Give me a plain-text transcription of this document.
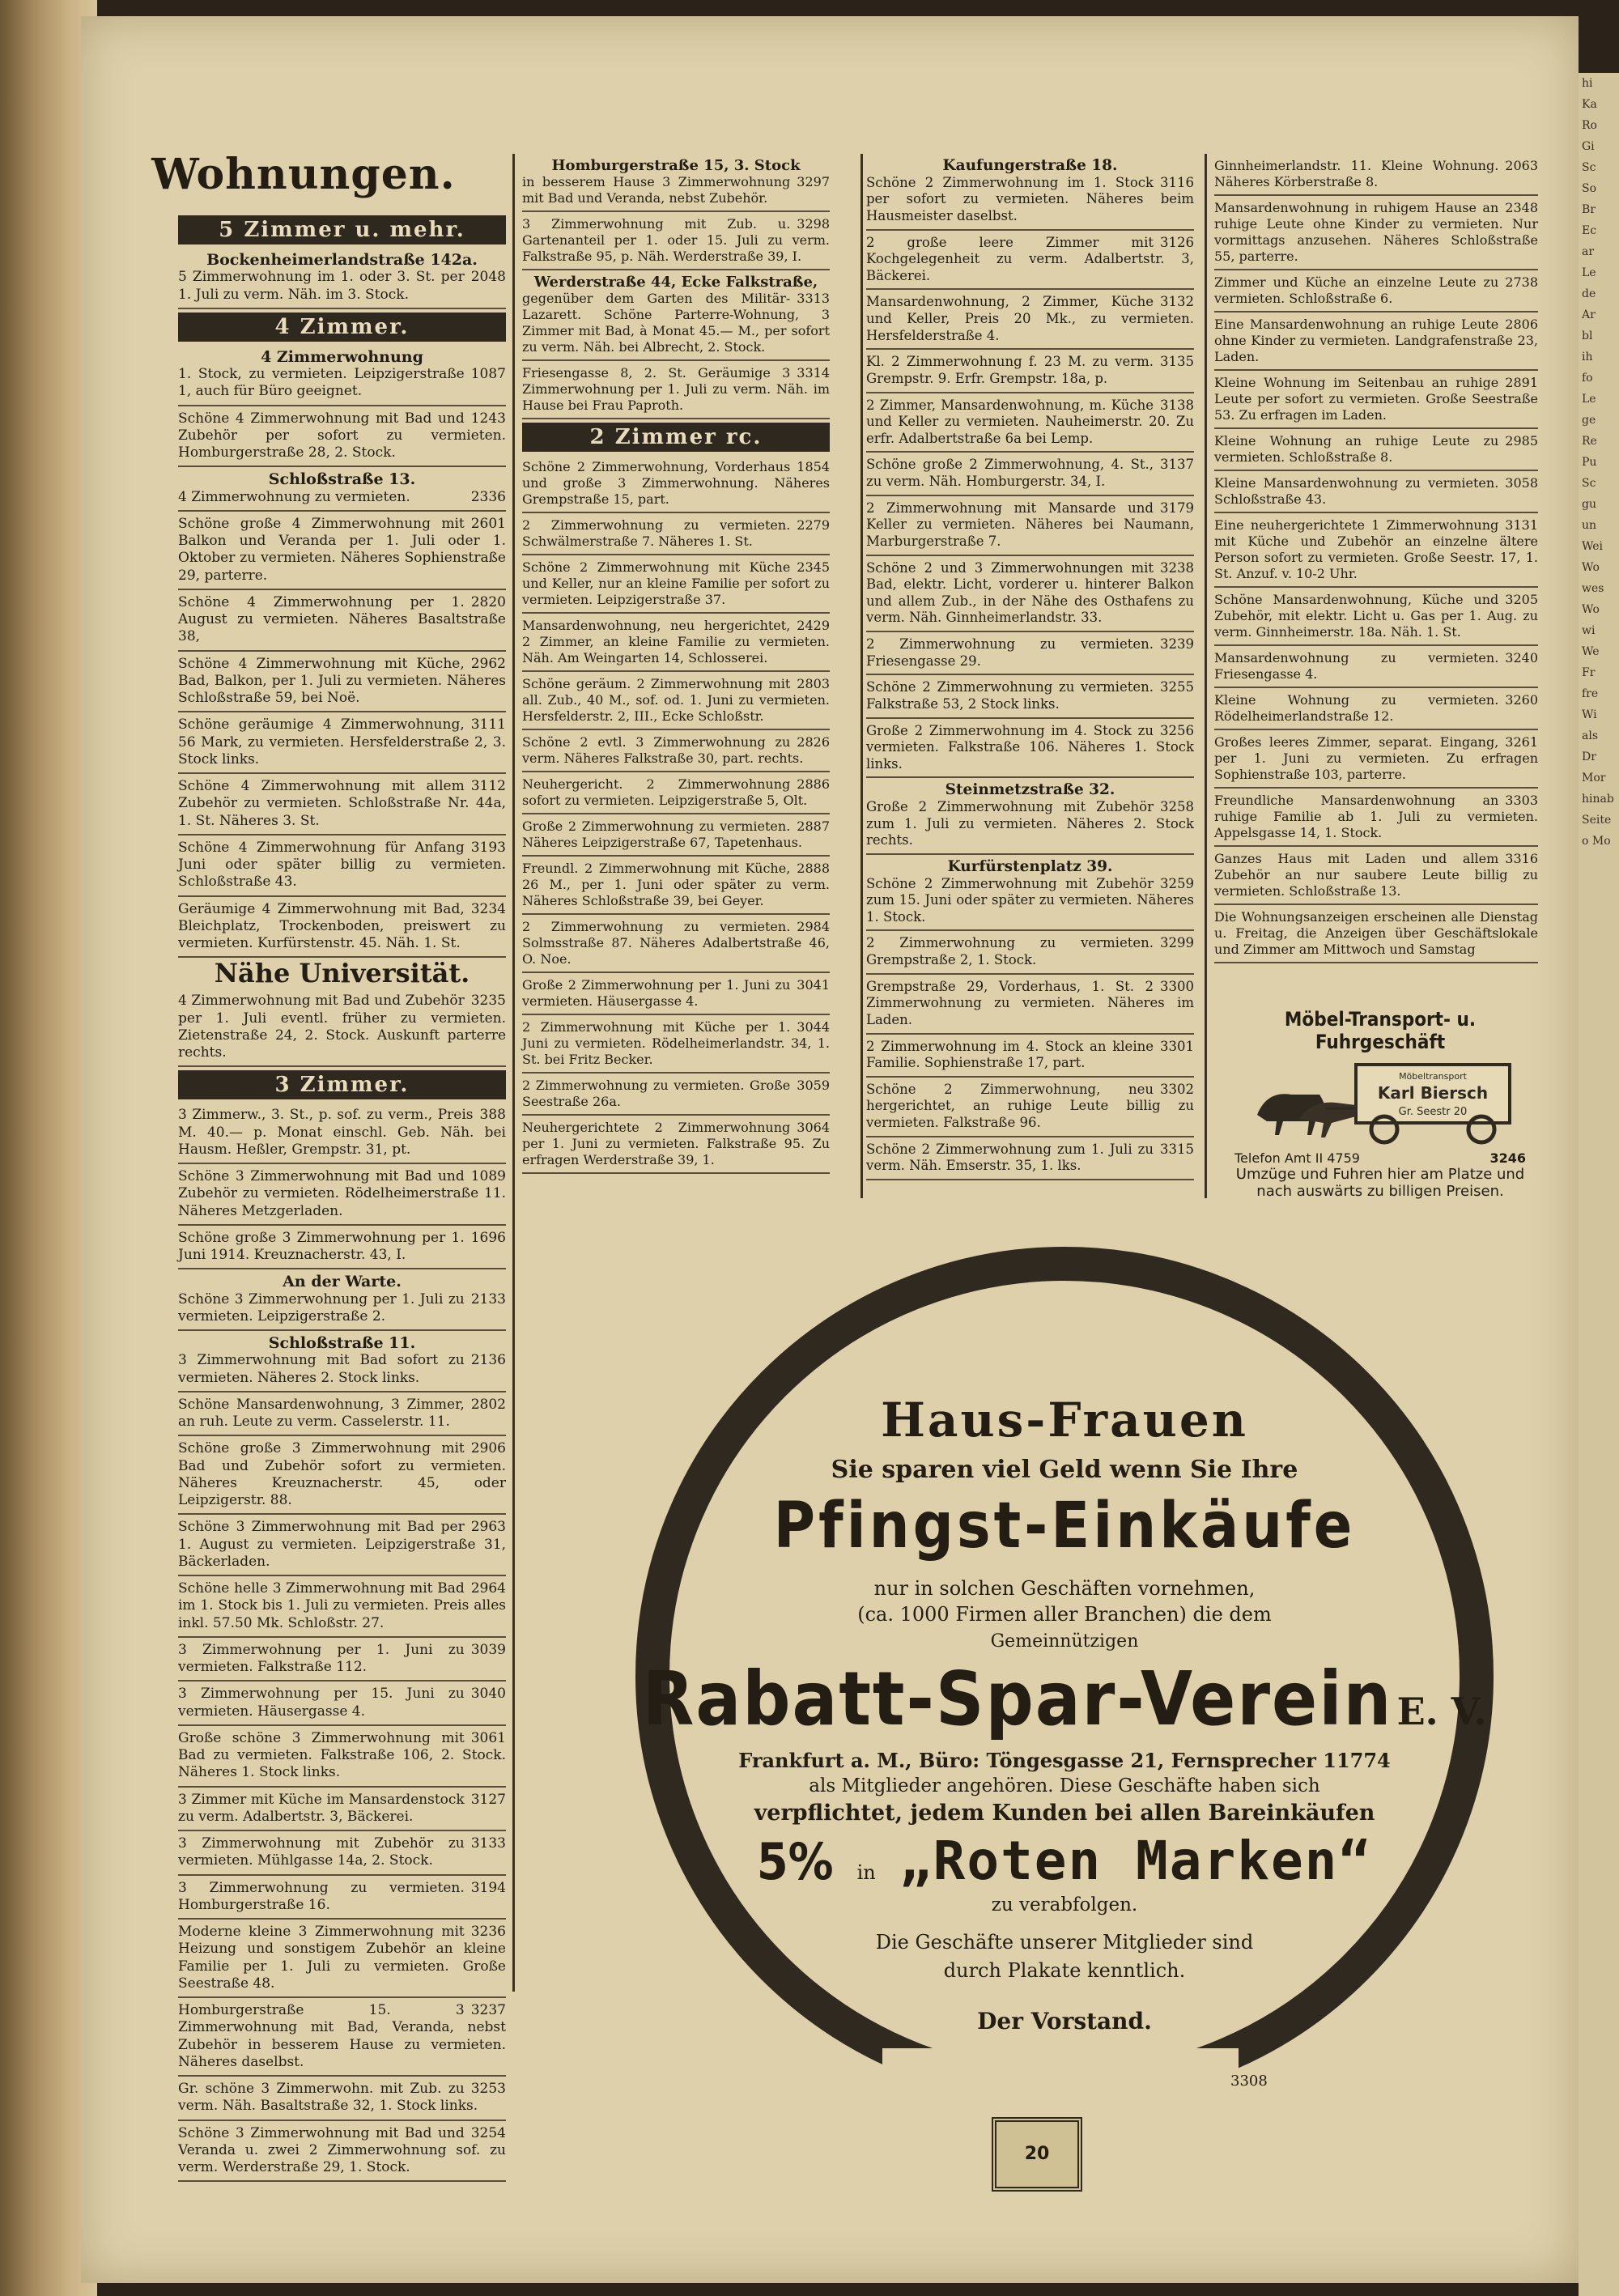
hi
Ka
Ro
Gi
Sc
So
Br
Ec
ar
Le
de
Ar
bl
ih
fo
Le
ge
Re
Pu
Sc
gu
un
Wei
Wo
wes
Wo
wi
We
Fr
fre
Wi
als
Dr
Mor
hinab
Seite
o Mo
Wohnungen.
5 Zimmer u. mehr.
Bockenheimerlandstraße 142a.
2048
5 Zimmerwohnung im 1. oder 3. St. per 1. Juli zu verm. Näh. im 3. Stock.
4 Zimmer.
4 Zimmerwohnung
1087
1. Stock, zu vermieten. Leipzigerstraße 1, auch für Büro geeignet.
1243
Schöne 4 Zimmerwohnung mit Bad und Zubehör per sofort zu vermieten. Homburgerstraße 28, 2. Stock.
Schloßstraße 13.
2336
4 Zimmerwohnung zu vermieten.
2601
Schöne große 4 Zimmerwohnung mit Balkon und Veranda per 1. Juli oder 1. Oktober zu vermieten. Näheres Sophienstraße 29, parterre.
2820
Schöne 4 Zimmerwohnung per 1. August zu vermieten. Näheres Basaltstraße 38,
2962
Schöne 4 Zimmerwohnung mit Küche, Bad, Balkon, per 1. Juli zu vermieten. Näheres Schloßstraße 59, bei Noë.
3111
Schöne geräumige 4 Zimmerwohnung, 56 Mark, zu vermieten. Hersfelderstraße 2, 3. Stock links.
3112
Schöne 4 Zimmerwohnung mit allem Zubehör zu vermieten. Schloßstraße Nr. 44a, 1. St. Näheres 3. St.
3193
Schöne 4 Zimmerwohnung für Anfang Juni oder später billig zu vermieten. Schloßstraße 43.
3234
Geräumige 4 Zimmerwohnung mit Bad, Bleichplatz, Trockenboden, preiswert zu vermieten. Kurfürstenstr. 45. Näh. 1. St.
Nähe Universität.
3235
4 Zimmerwohnung mit Bad und Zubehör per 1. Juli eventl. früher zu vermieten. Zietenstraße 24, 2. Stock. Auskunft parterre rechts.
3 Zimmer.
388
3 Zimmerw., 3. St., p. sof. zu verm., Preis M. 40.— p. Monat einschl. Geb. Näh. bei Hausm. Heßler, Grempstr. 31, pt.
1089
Schöne 3 Zimmerwohnung mit Bad und Zubehör zu vermieten. Rödelheimerstraße 11. Näheres Metzgerladen.
1696
Schöne große 3 Zimmerwohnung per 1. Juni 1914. Kreuznacherstr. 43, I.
An der Warte.
2133
Schöne 3 Zimmerwohnung per 1. Juli zu vermieten. Leipzigerstraße 2.
Schloßstraße 11.
2136
3 Zimmerwohnung mit Bad sofort zu vermieten. Näheres 2. Stock links.
2802
Schöne Mansardenwohnung, 3 Zimmer, an ruh. Leute zu verm. Casselerstr. 11.
2906
Schöne große 3 Zimmerwohnung mit Bad und Zubehör sofort zu vermieten. Näheres Kreuznacherstr. 45, oder Leipzigerstr. 88.
2963
Schöne 3 Zimmerwohnung mit Bad per 1. August zu vermieten. Leipzigerstraße 31, Bäckerladen.
2964
Schöne helle 3 Zimmerwohnung mit Bad im 1. Stock bis 1. Juli zu vermieten. Preis alles inkl. 57.50 Mk. Schloßstr. 27.
3039
3 Zimmerwohnung per 1. Juni zu vermieten. Falkstraße 112.
3040
3 Zimmerwohnung per 15. Juni zu vermieten. Häusergasse 4.
3061
Große schöne 3 Zimmerwohnung mit Bad zu vermieten. Falkstraße 106, 2. Stock. Näheres 1. Stock links.
3127
3 Zimmer mit Küche im Mansardenstock zu verm. Adalbertstr. 3, Bäckerei.
3133
3 Zimmerwohnung mit Zubehör zu vermieten. Mühlgasse 14a, 2. Stock.
3194
3 Zimmerwohnung zu vermieten. Homburgerstraße 16.
3236
Moderne kleine 3 Zimmerwohnung mit Heizung und sonstigem Zubehör an kleine Familie per 1. Juli zu vermieten. Große Seestraße 48.
3237
Homburgerstraße 15. 3 Zimmerwohnung mit Bad, Veranda, nebst Zubehör in besserem Hause zu vermieten. Näheres daselbst.
3253
Gr. schöne 3 Zimmerwohn. mit Zub. zu verm. Näh. Basaltstraße 32, 1. Stock links.
3254
Schöne 3 Zimmerwohnung mit Bad und Veranda u. zwei 2 Zimmerwohnung sof. zu verm. Werderstraße 29, 1. Stock.
Homburgerstraße 15, 3. Stock
3297
in besserem Hause 3 Zimmerwohnung mit Bad und Veranda, nebst Zubehör.
3298
3 Zimmerwohnung mit Zub. u. Gartenanteil per 1. oder 15. Juli zu verm. Falkstraße 95, p. Näh. Werderstraße 39, I.
Werderstraße 44, Ecke Falkstraße,
3313
gegenüber dem Garten des Militär-Lazarett. Schöne Parterre-Wohnung, 3 Zimmer mit Bad, à Monat 45.— M., per sofort zu verm. Näh. bei Albrecht, 2. Stock.
3314
Friesengasse 8, 2. St. Geräumige 3 Zimmerwohnung per 1. Juli zu verm. Näh. im Hause bei Frau Paproth.
2 Zimmer rc.
1854
Schöne 2 Zimmerwohnung, Vorderhaus und große 3 Zimmerwohnung. Näheres Grempstraße 15, part.
2279
2 Zimmerwohnung zu vermieten. Schwälmerstraße 7. Näheres 1. St.
2345
Schöne 2 Zimmerwohnung mit Küche und Keller, nur an kleine Familie per sofort zu vermieten. Leipzigerstraße 37.
2429
Mansardenwohnung, neu hergerichtet, 2 Zimmer, an kleine Familie zu vermieten. Näh. Am Weingarten 14, Schlosserei.
2803
Schöne geräum. 2 Zimmerwohnung mit all. Zub., 40 M., sof. od. 1. Juni zu vermieten. Hersfelderstr. 2, III., Ecke Schloßstr.
2826
Schöne 2 evtl. 3 Zimmerwohnung zu verm. Näheres Falkstraße 30, part. rechts.
2886
Neuhergericht. 2 Zimmerwohnung sofort zu vermieten. Leipzigerstraße 5, Olt.
2887
Große 2 Zimmerwohnung zu vermieten. Näheres Leipzigerstraße 67, Tapetenhaus.
2888
Freundl. 2 Zimmerwohnung mit Küche, 26 M., per 1. Juni oder später zu verm. Näheres Schloßstraße 39, bei Geyer.
2984
2 Zimmerwohnung zu vermieten. Solmsstraße 87. Näheres Adalbertstraße 46, O. Noe.
3041
Große 2 Zimmerwohnung per 1. Juni zu vermieten. Häusergasse 4.
3044
2 Zimmerwohnung mit Küche per 1. Juni zu vermieten. Rödelheimerlandstr. 34, 1. St. bei Fritz Becker.
3059
2 Zimmerwohnung zu vermieten. Große Seestraße 26a.
3064
Neuhergerichtete 2 Zimmerwohnung per 1. Juni zu vermieten. Falkstraße 95. Zu erfragen Werderstraße 39, 1.
Kaufungerstraße 18.
3116
Schöne 2 Zimmerwohnung im 1. Stock per sofort zu vermieten. Näheres beim Hausmeister daselbst.
3126
2 große leere Zimmer mit Kochgelegenheit zu verm. Adalbertstr. 3, Bäckerei.
3132
Mansardenwohnung, 2 Zimmer, Küche und Keller, Preis 20 Mk., zu vermieten. Hersfelderstraße 4.
3135
Kl. 2 Zimmerwohnung f. 23 M. zu verm. Grempstr. 9. Erfr. Grempstr. 18a, p.
3138
2 Zimmer, Mansardenwohnung, m. Küche und Keller zu vermieten. Nauheimerstr. 20. Zu erfr. Adalbertstraße 6a bei Lemp.
3137
Schöne große 2 Zimmerwohnung, 4. St., zu verm. Näh. Homburgerstr. 34, I.
3179
2 Zimmerwohnung mit Mansarde und Keller zu vermieten. Näheres bei Naumann, Marburgerstraße 7.
3238
Schöne 2 und 3 Zimmerwohnungen mit Bad, elektr. Licht, vorderer u. hinterer Balkon und allem Zub., in der Nähe des Osthafens zu verm. Näh. Ginnheimerlandstr. 33.
3239
2 Zimmerwohnung zu vermieten. Friesengasse 29.
3255
Schöne 2 Zimmerwohnung zu vermieten. Falkstraße 53, 2 Stock links.
3256
Große 2 Zimmerwohnung im 4. Stock zu vermieten. Falkstraße 106. Näheres 1. Stock links.
Steinmetzstraße 32.
3258
Große 2 Zimmerwohnung mit Zubehör zum 1. Juli zu vermieten. Näheres 2. Stock rechts.
Kurfürstenplatz 39.
3259
Schöne 2 Zimmerwohnung mit Zubehör zum 15. Juni oder später zu vermieten. Näheres 1. Stock.
3299
2 Zimmerwohnung zu vermieten. Grempstraße 2, 1. Stock.
3300
Grempstraße 29, Vorderhaus, 1. St. 2 Zimmerwohnung zu vermieten. Näheres im Laden.
3301
2 Zimmerwohnung im 4. Stock an kleine Familie. Sophienstraße 17, part.
3302
Schöne 2 Zimmerwohnung, neu hergerichtet, an ruhige Leute billig zu vermieten. Falkstraße 96.
3315
Schöne 2 Zimmerwohnung zum 1. Juli zu verm. Näh. Emserstr. 35, 1. lks.
2063
Ginnheimerlandstr. 11. Kleine Wohnung. Näheres Körberstraße 8.
2348
Mansardenwohnung in ruhigem Hause an ruhige Leute ohne Kinder zu vermieten. Nur vormittags anzusehen. Näheres Schloßstraße 55, parterre.
2738
Zimmer und Küche an einzelne Leute zu vermieten. Schloßstraße 6.
2806
Eine Mansardenwohnung an ruhige Leute ohne Kinder zu vermieten. Landgrafenstraße 23, Laden.
2891
Kleine Wohnung im Seitenbau an ruhige Leute per sofort zu vermieten. Große Seestraße 53. Zu erfragen im Laden.
2985
Kleine Wohnung an ruhige Leute zu vermieten. Schloßstraße 8.
3058
Kleine Mansardenwohnung zu vermieten. Schloßstraße 43.
3131
Eine neuhergerichtete 1 Zimmerwohnung mit Küche und Zubehör an einzelne ältere Person sofort zu vermieten. Große Seestr. 17, 1. St. Anzuf. v. 10-2 Uhr.
3205
Schöne Mansardenwohnung, Küche und Zubehör, mit elektr. Licht u. Gas per 1. Aug. zu verm. Ginnheimerstr. 18a. Näh. 1. St.
3240
Mansardenwohnung zu vermieten. Friesengasse 4.
3260
Kleine Wohnung zu vermieten. Rödelheimerlandstraße 12.
3261
Großes leeres Zimmer, separat. Eingang, per 1. Juni zu vermieten. Zu erfragen Sophienstraße 103, parterre.
3303
Freundliche Mansardenwohnung an ruhige Familie ab 1. Juli zu vermieten. Appelsgasse 14, 1. Stock.
3316
Ganzes Haus mit Laden und allem Zubehör an nur saubere Leute billig zu vermieten. Schloßstraße 13.
Die Wohnungsanzeigen erscheinen alle Dienstag u. Freitag, die Anzeigen über Geschäftslokale und Zimmer am Mittwoch und Samstag
Möbel-Transport- u. Fuhrgeschäft
Möbeltransport
Karl Biersch
Gr. Seestr 20
Telefon Amt II 4759	3246
Umzüge und Fuhren hier am Platze und
nach auswärts zu billigen Preisen.
Haus-Frauen
Sie sparen viel Geld wenn Sie Ihre
Pfingst-Einkäufe
nur in solchen Geschäften vornehmen,
(ca. 1000 Firmen aller Branchen) die dem
Gemeinnützigen
Rabatt-Spar-Verein E. V.
Frankfurt a. M., Büro: Töngesgasse 21, Fernsprecher 11774
als Mitglieder angehören. Diese Geschäfte haben sich
verpflichtet, jedem Kunden bei allen Bareinkäufen
5% in „Roten Marken“
zu verabfolgen.
Die Geschäfte unserer Mitglieder sind
durch Plakate kenntlich.
Der Vorstand.
3308
20
